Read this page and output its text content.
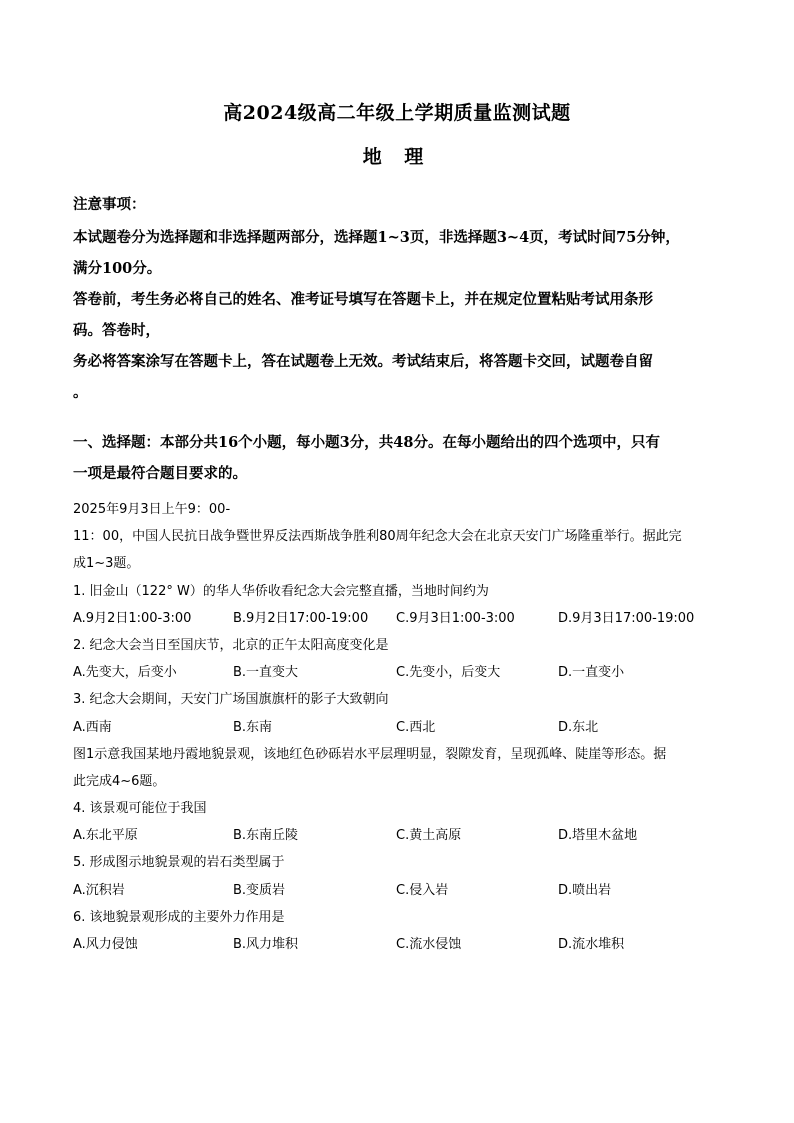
高2024级高二年级上学期质量监测试题
地 理
注意事项：

本试题卷分为选择题和非选择题两部分，选择题1~3页，非选择题3~4页，考试时间75分钟，

满分100分。

答卷前，考生务必将自己的姓名、准考证号填写在答题卡上，并在规定位置粘贴考试用条形

码。答卷时，

务必将答案涂写在答题卡上，答在试题卷上无效。考试结束后，将答题卡交回，试题卷自留

。

一、选择题：本部分共16个小题，每小题3分，共48分。在每小题给出的四个选项中，只有
一项是最符合题目要求的。
2025年9月3日上午9：00-
11：00，中国人民抗日战争暨世界反法西斯战争胜利80周年纪念大会在北京天安门广场隆重举行。据此完
成1~3题。
1. 旧金山（122° W）的华人华侨收看纪念大会完整直播，当地时间约为
A.9月2日1:00-3:00	B.9月2日17:00-19:00 C.9月3日1:00-3:00	D.9月3日17:00-19:00
2. 纪念大会当日至国庆节，北京的正午太阳高度变化是
A.先变大，后变小	B.一直变大	C.先变小，后变大	D.一直变小
3. 纪念大会期间，天安门广场国旗旗杆的影子大致朝向
A.西南	B.东南	C.西北	D.东北
图1示意我国某地丹霞地貌景观，该地红色砂砾岩水平层理明显，裂隙发育，呈现孤峰、陡崖等形态。据
此完成4~6题。
4. 该景观可能位于我国
A.东北平原	B.东南丘陵	C.黄土高原	D.塔里木盆地
5. 形成图示地貌景观的岩石类型属于
A.沉积岩	B.变质岩	C.侵入岩	D.喷出岩
6. 该地貌景观形成的主要外力作用是
A.风力侵蚀	B.风力堆积	C.流水侵蚀	D.流水堆积
